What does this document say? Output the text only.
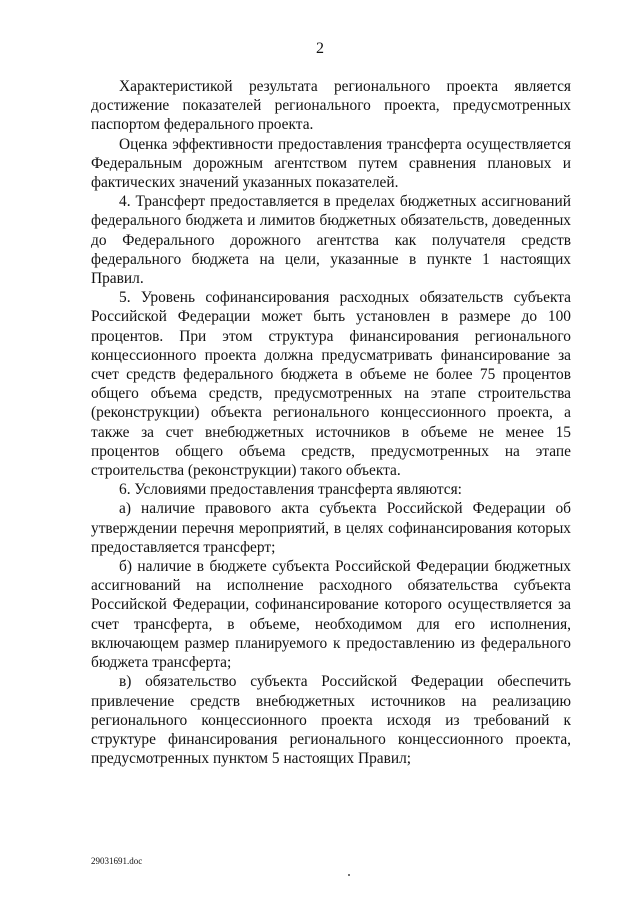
2

Характеристикой результата регионального проекта является достижение показателей регионального проекта, предусмотренных паспортом федерального проекта.

Оценка эффективности предоставления трансферта осуществляется Федеральным дорожным агентством путем сравнения плановых и фактических значений указанных показателей.

4. Трансферт предоставляется в пределах бюджетных ассигнований федерального бюджета и лимитов бюджетных обязательств, доведенных до Федерального дорожного агентства как получателя средств федерального бюджета на цели, указанные в пункте 1 настоящих Правил.

5. Уровень софинансирования расходных обязательств субъекта Российской Федерации может быть установлен в размере до 100 процентов. При этом структура финансирования регионального концессионного проекта должна предусматривать финансирование за счет средств федерального бюджета в объеме не более 75 процентов общего объема средств, предусмотренных на этапе строительства (реконструкции) объекта регионального концессионного проекта, а также за счет внебюджетных источников в объеме не менее 15 процентов общего объема средств, предусмотренных на этапе строительства (реконструкции) такого объекта.

6. Условиями предоставления трансферта являются:

а) наличие правового акта субъекта Российской Федерации об утверждении перечня мероприятий, в целях софинансирования которых предоставляется трансферт;

б) наличие в бюджете субъекта Российской Федерации бюджетных ассигнований на исполнение расходного обязательства субъекта Российской Федерации, софинансирование которого осуществляется за счет трансферта, в объеме, необходимом для его исполнения, включающем размер планируемого к предоставлению из федерального бюджета трансферта;

в) обязательство субъекта Российской Федерации обеспечить привлечение средств внебюджетных источников на реализацию регионального концессионного проекта исходя из требований к структуре финансирования регионального концессионного проекта, предусмотренных пунктом 5 настоящих Правил;

29031691.doc
